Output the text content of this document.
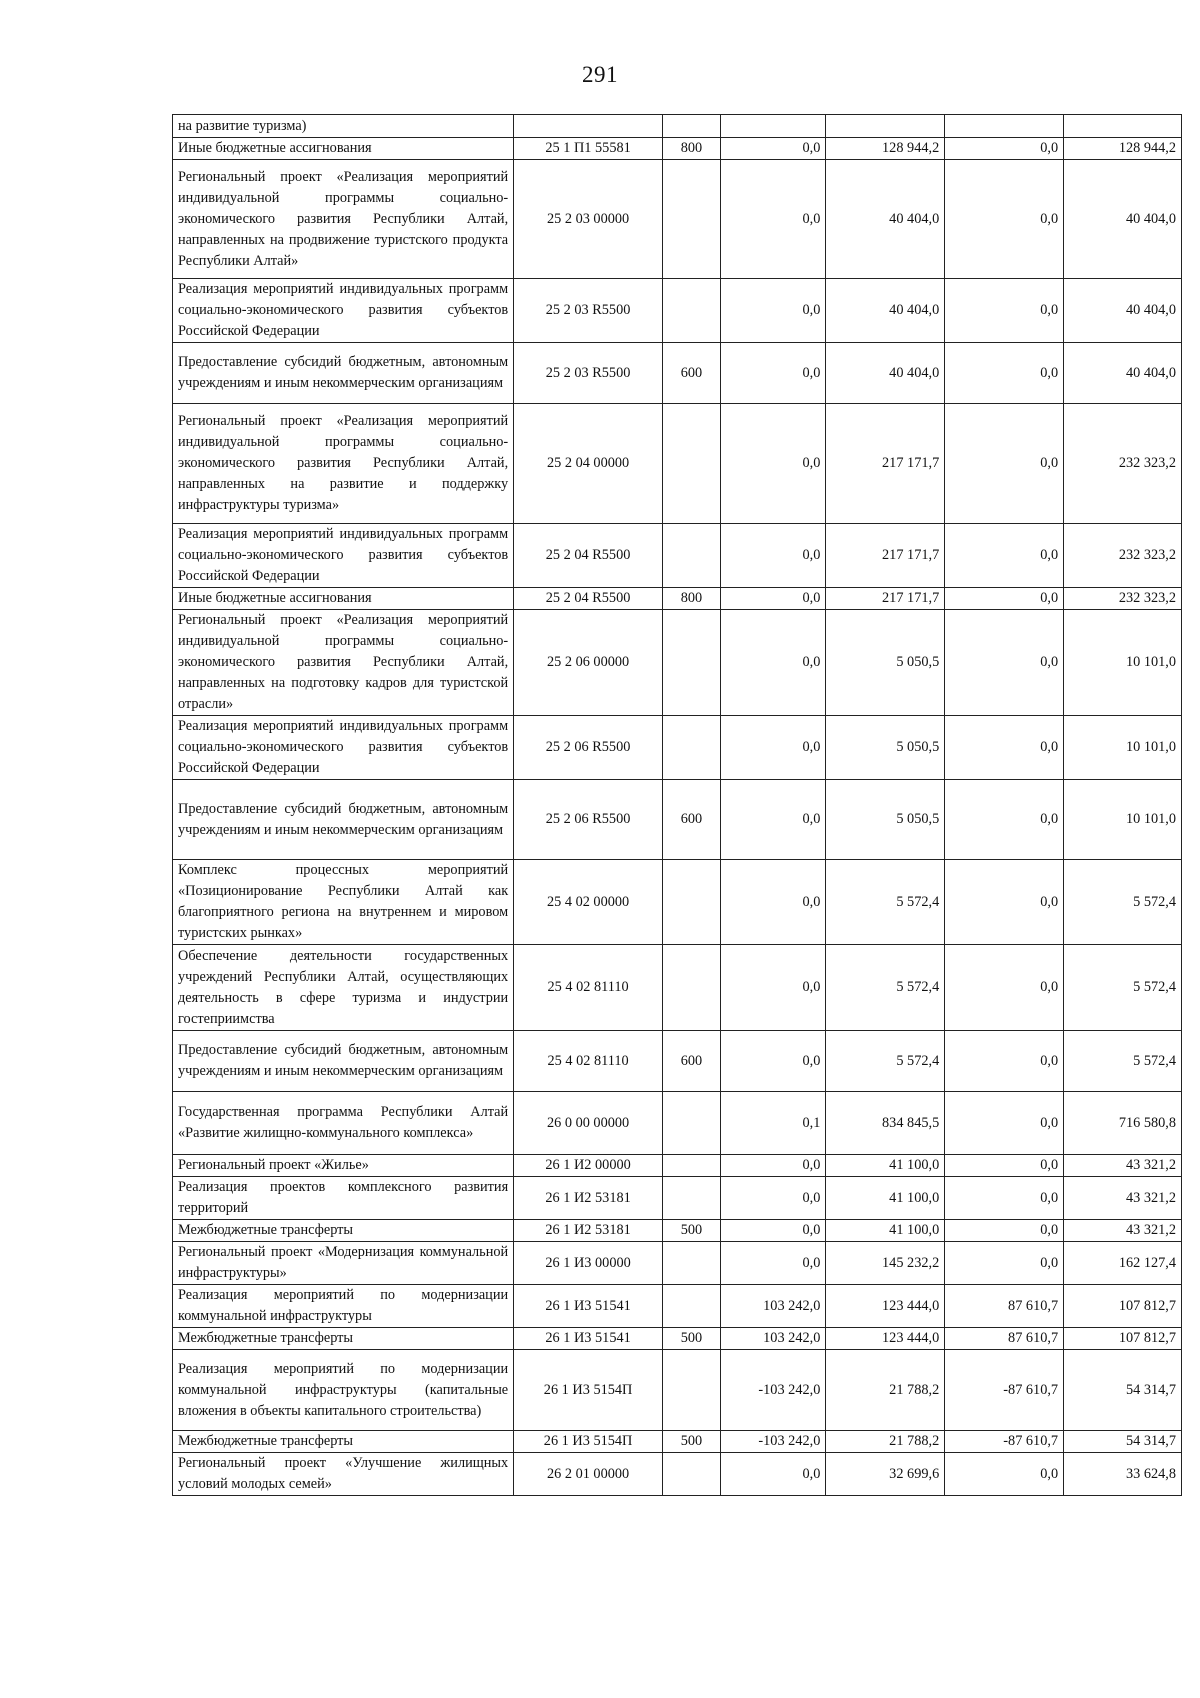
291
на развитие туризма)						
Иные бюджетные ассигнования	25 1 П1 55581	800	0,0	128 944,2	0,0	128 944,2
Региональный проект «Реализация мероприятий индивидуальной программы социально-экономического развития Республики Алтай, направленных на продвижение туристского продукта Республики Алтай»	25 2 03 00000		0,0	40 404,0	0,0	40 404,0
Реализация мероприятий индивидуальных программ социально-экономического развития субъектов Российской Федерации	25 2 03 R5500		0,0	40 404,0	0,0	40 404,0
Предоставление субсидий бюджетным, автономным учреждениям и иным некоммерческим организациям	25 2 03 R5500	600	0,0	40 404,0	0,0	40 404,0
Региональный проект «Реализация мероприятий индивидуальной программы социально-экономического развития Республики Алтай, направленных на развитие и поддержку инфраструктуры туризма»	25 2 04 00000		0,0	217 171,7	0,0	232 323,2
Реализация мероприятий индивидуальных программ социально-экономического развития субъектов Российской Федерации	25 2 04 R5500		0,0	217 171,7	0,0	232 323,2
Иные бюджетные ассигнования	25 2 04 R5500	800	0,0	217 171,7	0,0	232 323,2
Региональный проект «Реализация мероприятий индивидуальной программы социально-экономического развития Республики Алтай, направленных на подготовку кадров для туристской отрасли»	25 2 06 00000		0,0	5 050,5	0,0	10 101,0
Реализация мероприятий индивидуальных программ социально-экономического развития субъектов Российской Федерации	25 2 06 R5500		0,0	5 050,5	0,0	10 101,0
Предоставление субсидий бюджетным, автономным учреждениям и иным некоммерческим организациям	25 2 06 R5500	600	0,0	5 050,5	0,0	10 101,0
Комплекс процессных мероприятий «Позиционирование Республики Алтай как благоприятного региона на внутреннем и мировом туристских рынках»	25 4 02 00000		0,0	5 572,4	0,0	5 572,4
Обеспечение деятельности государственных учреждений Республики Алтай, осуществляющих деятельность в сфере туризма и индустрии гостеприимства	25 4 02 81110		0,0	5 572,4	0,0	5 572,4
Предоставление субсидий бюджетным, автономным учреждениям и иным некоммерческим организациям	25 4 02 81110	600	0,0	5 572,4	0,0	5 572,4
Государственная программа Республики Алтай «Развитие жилищно-коммунального комплекса»	26 0 00 00000		0,1	834 845,5	0,0	716 580,8
Региональный проект «Жилье»	26 1 И2 00000		0,0	41 100,0	0,0	43 321,2
Реализация проектов комплексного развития территорий	26 1 И2 53181		0,0	41 100,0	0,0	43 321,2
Межбюджетные трансферты	26 1 И2 53181	500	0,0	41 100,0	0,0	43 321,2
Региональный проект «Модернизация коммунальной инфраструктуры»	26 1 И3 00000		0,0	145 232,2	0,0	162 127,4
Реализация мероприятий по модернизации коммунальной инфраструктуры	26 1 И3 51541		103 242,0	123 444,0	87 610,7	107 812,7
Межбюджетные трансферты	26 1 И3 51541	500	103 242,0	123 444,0	87 610,7	107 812,7
Реализация мероприятий по модернизации коммунальной инфраструктуры (капитальные вложения в объекты капитального строительства)	26 1 И3 5154П		-103 242,0	21 788,2	-87 610,7	54 314,7
Межбюджетные трансферты	26 1 И3 5154П	500	-103 242,0	21 788,2	-87 610,7	54 314,7
Региональный проект «Улучшение жилищных условий молодых семей»	26 2 01 00000		0,0	32 699,6	0,0	33 624,8
